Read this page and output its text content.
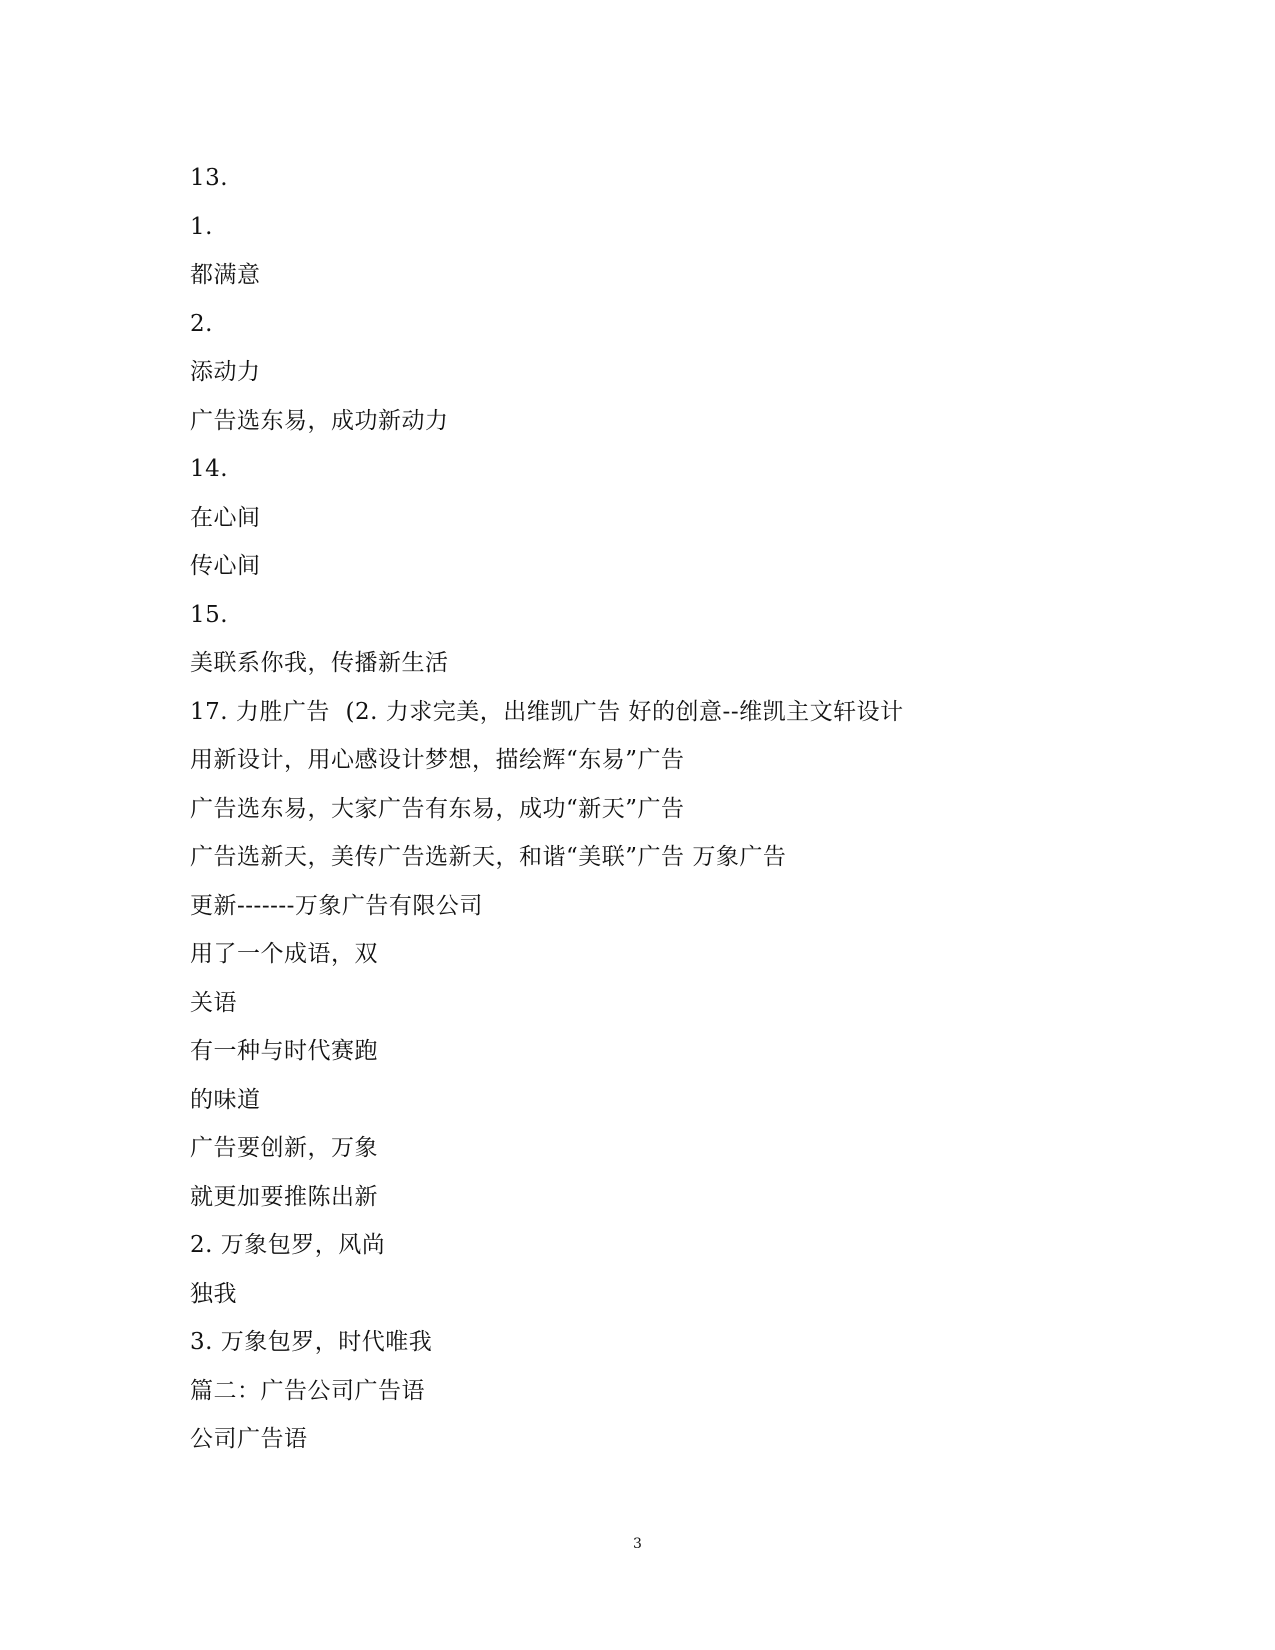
13.
1.
都满意
2.
添动力
广告选东易，成功新动力
14.
在心间
传心间
15.
美联系你我，传播新生活
17. 力胜广告  (2. 力求完美，出维凯广告 好的创意--维凯主文轩设计
用新设计，用心感设计梦想，描绘辉“东易”广告
广告选东易，大家广告有东易，成功“新天”广告
广告选新天，美传广告选新天，和谐“美联”广告 万象广告
更新-------万象广告有限公司
用了一个成语，双
关语
有一种与时代赛跑
的味道
广告要创新，万象
就更加要推陈出新
2. 万象包罗，风尚
独我
3. 万象包罗，时代唯我
篇二：广告公司广告语
公司广告语
3
